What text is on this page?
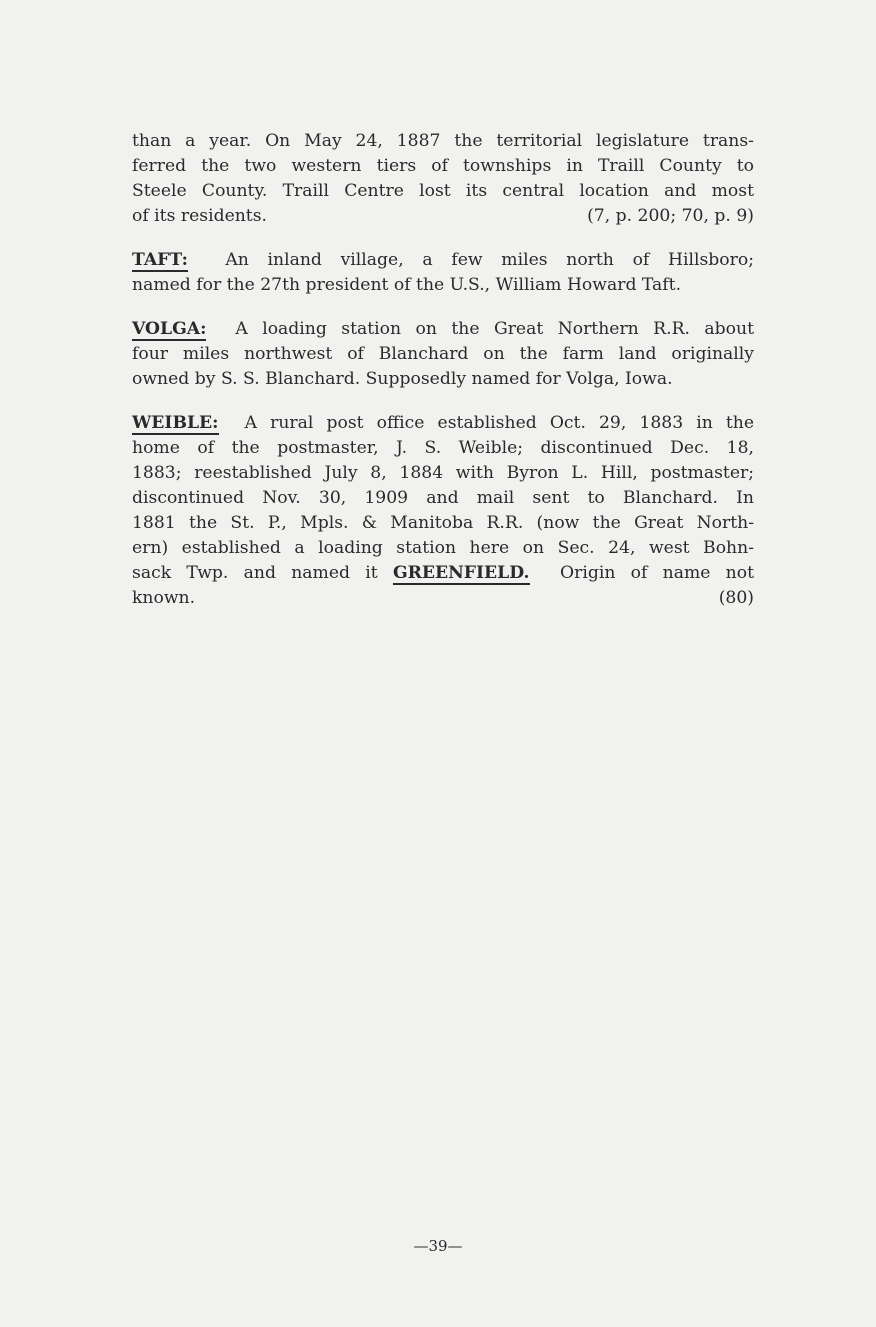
than a year. On May 24, 1887 the territorial legislature trans-
ferred the two western tiers of townships in Traill County to
Steele County. Traill Centre lost its central location and most
of its residents.	(7, p. 200; 70, p. 9)
TAFT: An inland village, a few miles north of Hillsboro;
named for the 27th president of the U.S., William Howard Taft.
VOLGA: A loading station on the Great Northern R.R. about
four miles northwest of Blanchard on the farm land originally
owned by S. S. Blanchard. Supposedly named for Volga, Iowa.
WEIBLE: A rural post office established Oct. 29, 1883 in the
home of the postmaster, J. S. Weible; discontinued Dec. 18,
1883; reestablished July 8, 1884 with Byron L. Hill, postmaster;
discontinued Nov. 30, 1909 and mail sent to Blanchard. In
1881 the St. P., Mpls. & Manitoba R.R. (now the Great North-
ern) established a loading station here on Sec. 24, west Bohn-
sack Twp. and named it GREENFIELD. Origin of name not
known.	(80)
—39—
